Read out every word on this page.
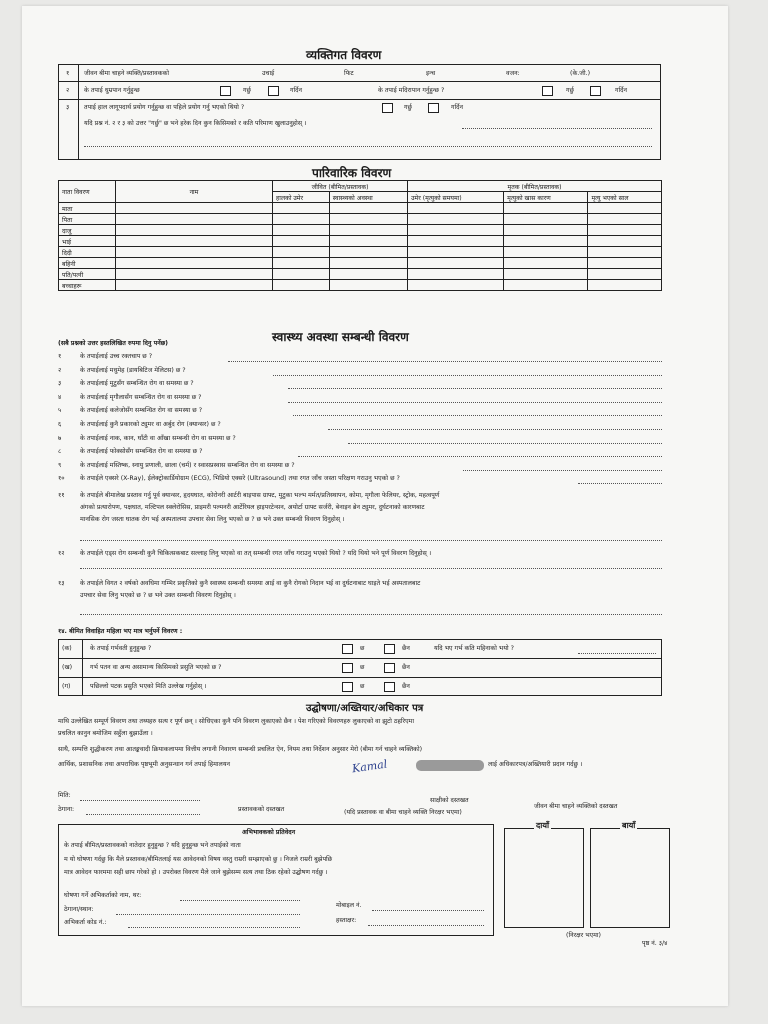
व्यक्तिगत विवरण
१ जीवन बीमा चाहने व्यक्ति/प्रस्तावकको	उचाई	फिट	इन्च	वजन:	(के.जी.)
२ के तपाई धुम्रपान गर्नुहुन्छ	गर्छु	गर्दिन	के तपाई मदिरापान गर्नुहुन्छ ?	गर्छु	गर्दिन
३ तपाई हाल लागूपदार्थ प्रयोग गर्नुहुन्छ वा पहिले प्रयोग गर्नु भएको थियो ?	गर्छु	गर्दिन
यदि प्रश्न नं. २ र ३ को उत्तर "गर्छु" छ भने हरेक दिन कुन किसिमको र कति परिमाण खुलाउनुहोस् ।
पारिवारिक विवरण
नाता विवरण	नाम	जीवित (बीमित/प्रस्तावक)		मृतक (बीमित/प्रस्तावक)		
		हालको उमेर	स्वास्थ्यको अवस्था	उमेर (मृत्युको समयमा)	मृत्युको खास कारण	मृत्यु भएको साल
माता						
पिता						
दाजु						
भाई						
दिदी						
बहिनी						
पति/पत्नी						
बच्चाहरू						
स्वास्थ्य अवस्था सम्बन्धी विवरण
(सबै प्रश्नको उत्तर हस्तलिखित रुपमा दिनु पर्नेछ)
१	के तपाईलाई उच्च रक्तचाप छ ?
२	के तपाईलाई मधुमेह (डायबिटिज मेलिटस) छ ?
३	के तपाईलाई मुटुसँग सम्बन्धित रोग वा समस्या छ ?
४	के तपाईलाई मृगौलासँग सम्बन्धित रोग वा समस्या छ ?
५	के तपाईलाई कलेजोसँग सम्बन्धित रोग वा समस्या छ ?
६	के तपाईलाई कुनै प्रकारको ट्युमर वा अर्बुद रोग (क्यान्सर) छ ?
७	के तपाईलाई नाक, कान, घाँटी वा आँखा सम्बन्धी रोग वा समस्या छ ?
८	के तपाईलाई फोक्सोसँग सम्बन्धित रोग वा समस्या छ ?
९	के तपाईलाई मस्तिष्क, स्नायु प्रणाली, छाला (चर्म) र स्वासप्रस्वास सम्बन्धित रोग वा समस्या छ ?
१० के तपाईले एक्सरे (X-Ray), ईलेक्ट्रोकार्डियोग्राम (ECG), भिडियो एक्सरे (Ultrasound) तथा रगत जाँच जस्ता परिक्षण गराउनु भएको छ ?
११ के तपाईले बीमालेख प्रस्ताव गर्नु पूर्व क्यान्सर, हृदयघात, कोरोनरी आर्टरी बाइपास ग्राफ्ट, मुटुका भल्भ मर्मत/प्रतिस्थापन, कोमा, मृगौला फेलियर, स्ट्रोक, महत्वपूर्ण
अंगको प्रत्यारोपण, पक्षघात, मल्टिपल स्क्लेरोसिस, प्राइमरी पल्मनरी आर्टेरियल हाइपरटेन्सन, अयोर्टा ग्राफ्ट सर्जरी, बेनाइन ब्रेन ट्युमर, दुर्घटनाको कारणबाट
मानसिक रोग जस्ता घातक रोग भई अस्पतालमा उपचार सेवा लिनु भएको छ ? छ भने उक्त सम्बन्धी विवरण दिनुहोस् ।
१२ के तपाईले एड्स रोग सम्बन्धी कुनै चिकित्सकबाट सल्लाह लिनु भएको वा तत् सम्बन्धी रगत जाँच गराउनु भएको थियो ? यदि थियो भने पूर्ण विवरण दिनुहोस् ।
१३ के तपाईले विगत २ वर्षको अवधिमा गम्भिर प्रकृतिको कुनै स्वास्थ्य सम्बन्धी समस्या आई वा कुनै रोगको निदान भई वा दुर्घटनाबाट घाइते भई अस्पतालबाट
उपचार सेवा लिनु भएको छ ? छ भने उक्त सम्बन्धी विवरण दिनुहोस् ।
१४. बीमित विवाहित महिला भए मात्र भर्नुपर्ने विवरण :
(क)	के तपाई गर्भवती हुनुहुन्छ ?	छ	छैन	यदि भए गर्भ कति महिनाको भयो ?
(ख)	गर्भ पतन वा अन्य असामान्य किसिमको प्रसुति भएको छ ?	छ	छैन
(ग)	पछिल्लो पटक प्रसुति भएको मिति उल्लेख गर्नुहोस् ।	छ	छैन
उद्घोषणा/अख्तियार/अधिकार पत्र
माथि उल्लेखित सम्पूर्ण विवरण तथा तथ्यहरु सत्य र पूर्ण छन् । सोधिएका कुनै पनि विवरण लुकाएको छैन । पेश गरिएको विवरणहरु लुकाएको वा झुटो ठहरिएमा
प्रचलित कानुन बमोजिम सहुँला बुझाउँला ।
साथै, सम्पत्ति शुद्धीकरण तथा आतङ्कवादी क्रियाकलापमा वित्तीय लगानी निवारण सम्बन्धी प्रचलित ऐन, नियम तथा निर्देशन अनुसार मेरो (बीमा गर्न चाहने व्यक्तिको)
आर्थिक, प्रशासनिक तथा अपराधिक पृष्ठभूमी अनुसन्धान गर्न तपाई हिमालयन	लाई अधिकारपत्र/अख्तियारी प्रदान गर्दछु ।
Kamal
मिति:
ठेगाना:	प्रस्तावकको दस्तखत
साक्षीको दस्तखत
(यदि प्रस्तावक वा बीमा चाहने व्यक्ति निरक्षर भएमा)
जीवन बीमा चाहने व्यक्तिको दस्तखत
अभिभावकको प्रतिवेदन
के तपाई बीमित/प्रस्तावकको नातेदार हुनुहुन्छ ? यदि हुनुहुन्छ भने तपाईको नाता
म यो घोषणा गर्दछु कि मैले प्रस्तावक/बीमितलाई यस आवेदनको विषय वस्तु राम्ररी सम्झाएको छु । निजले राम्ररी बुझेपछि
मात्र आवेदन फारममा सही छाप गरेको हो । उपरोक्त विवरण मैले जाने बुझेसम्म सत्य तथा ठिक रहेको उद्घोषण गर्दछु ।
घोषणा गर्ने अभिकर्ताको नाम, थर:
मोबाइल नं.
ठेगाना/स्थान:
अभिकर्ता कोड नं.:	हस्ताक्षर:
दायाँ	बायाँ
(निरक्षर भएमा)
पृष्ठ नं. ३/४
